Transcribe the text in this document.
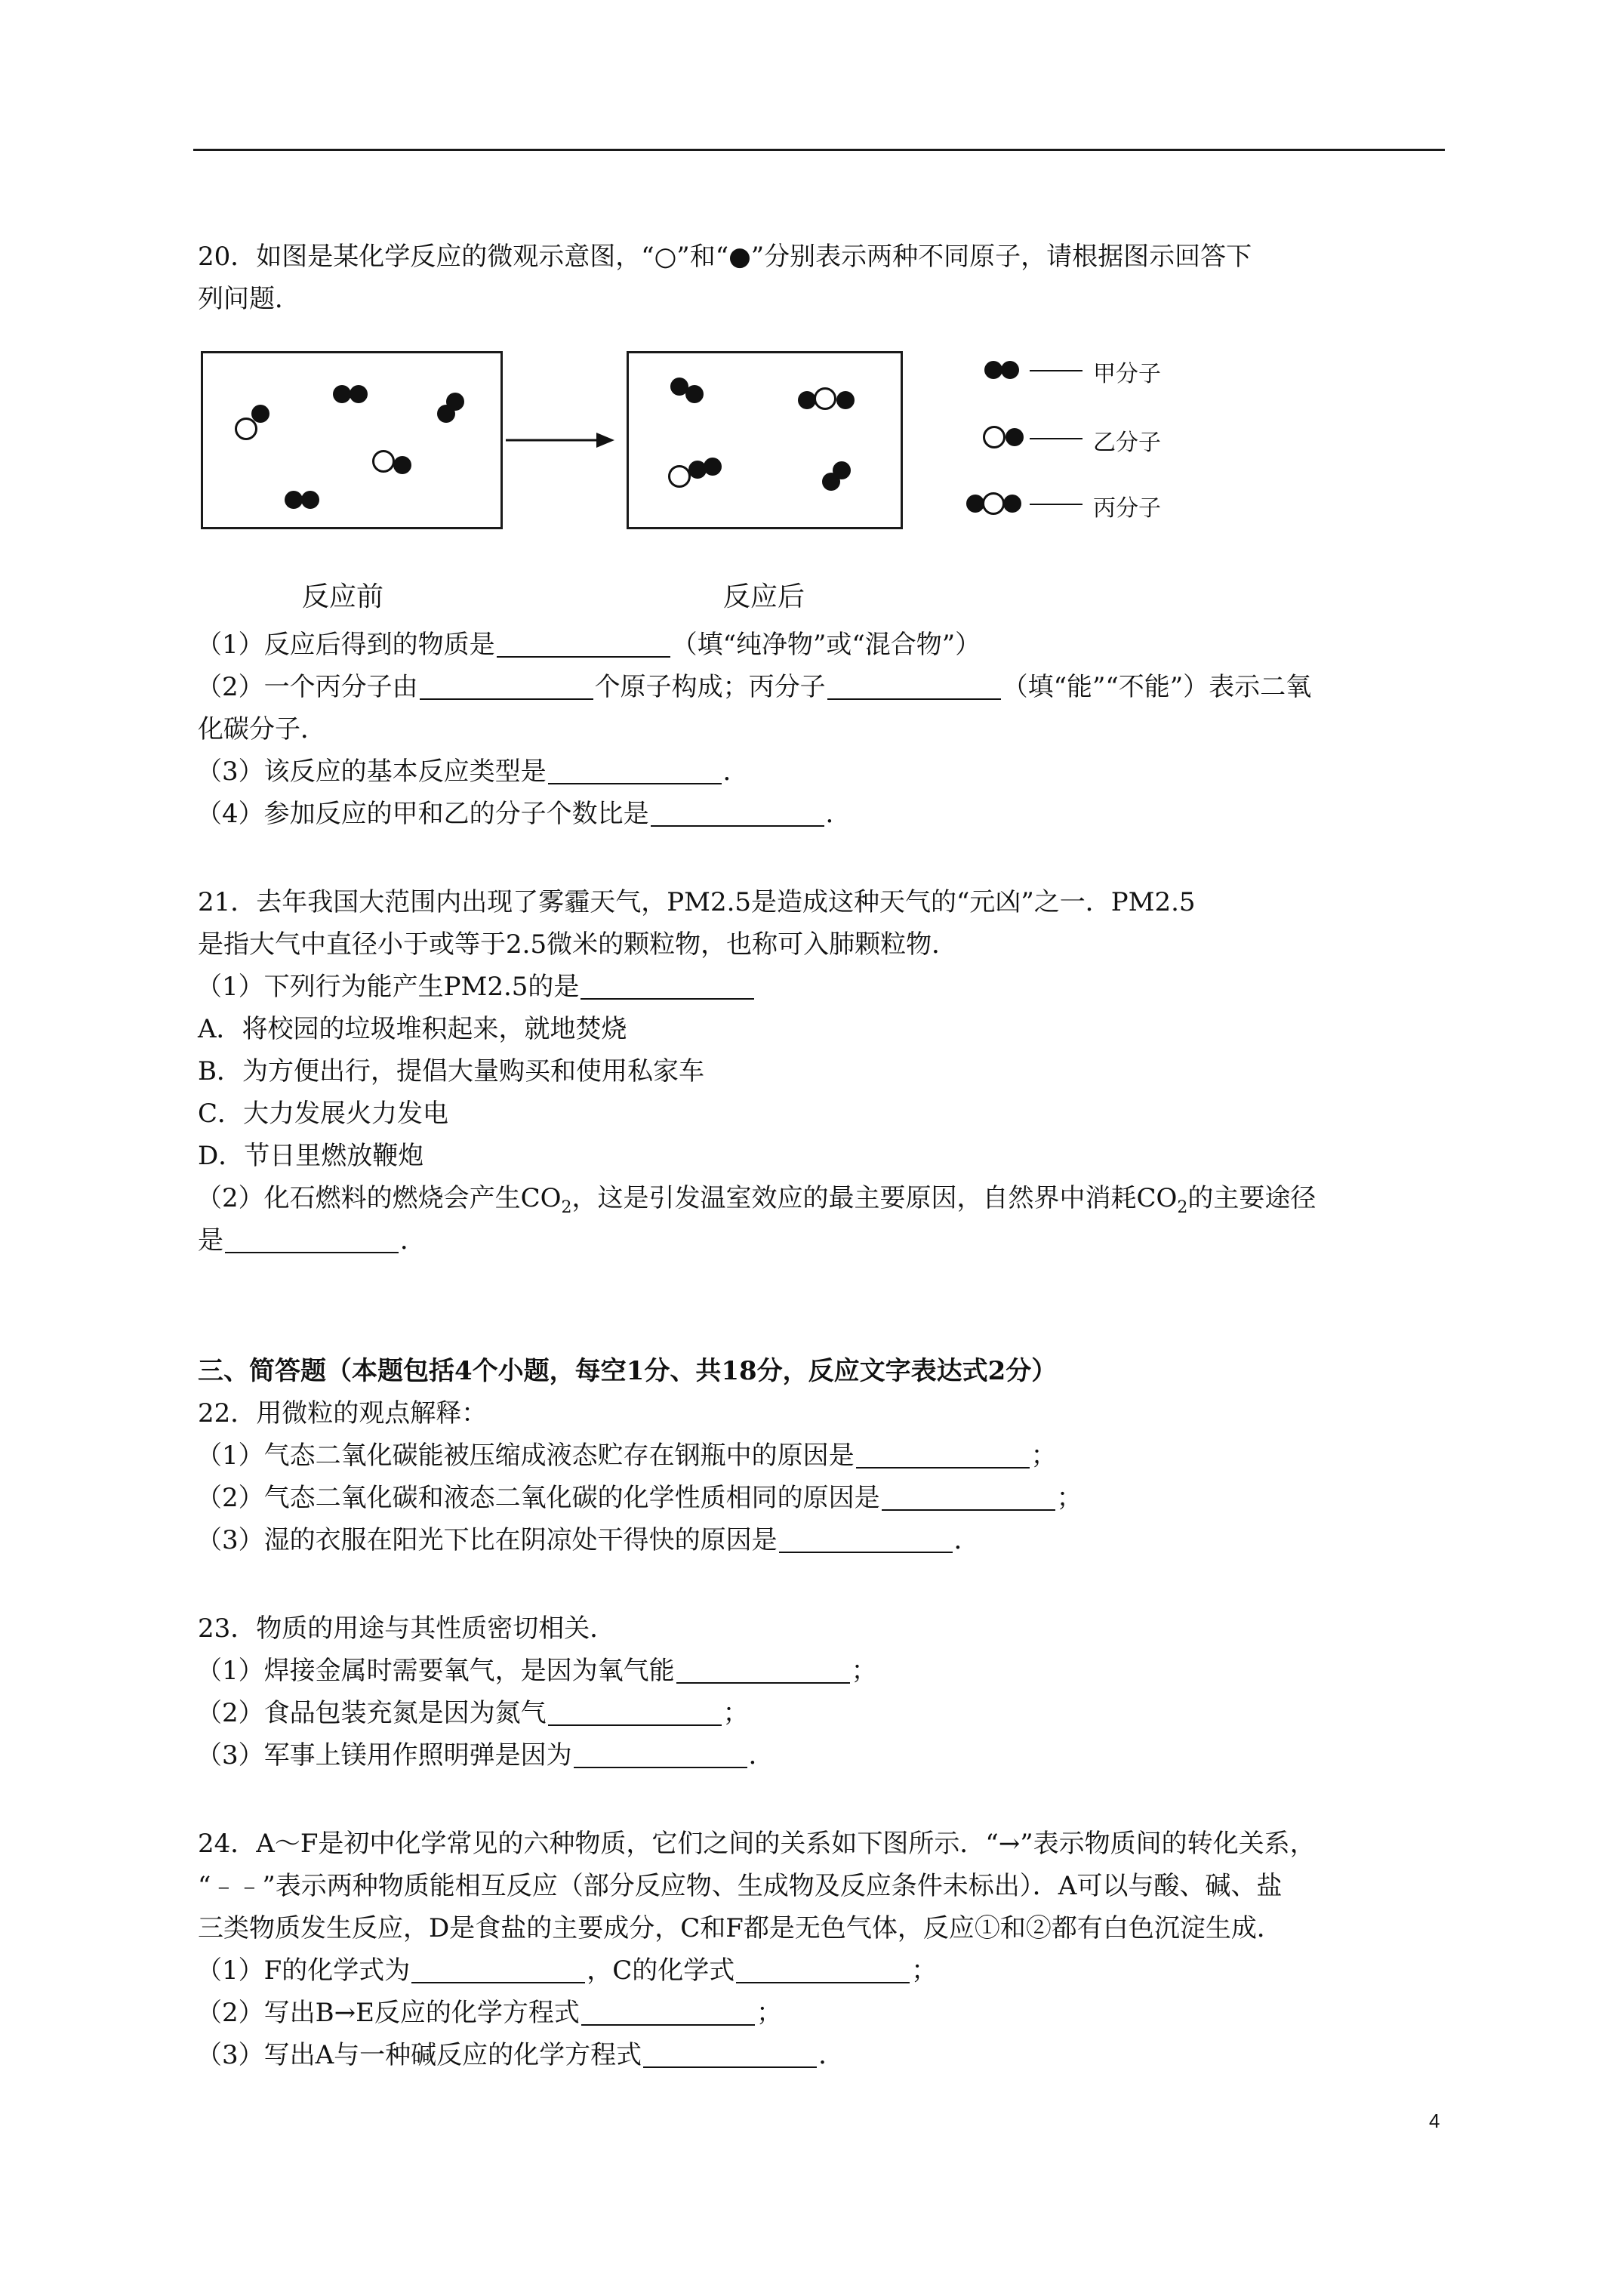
20．如图是某化学反应的微观示意图，“○”和“●”分别表示两种不同原子，请根据图示回答下
列问题．
甲分子
乙分子
丙分子
反应前	反应后
（1）反应后得到的物质是	（填“纯净物”或“混合物”）
（2）一个丙分子由	个原子构成；丙分子	（填“能”“不能”）表示二氧
化碳分子．
（3）该反应的基本反应类型是	．
（4）参加反应的甲和乙的分子个数比是	．
21．去年我国大范围内出现了雾霾天气，PM2.5是造成这种天气的“元凶”之一．PM2.5
是指大气中直径小于或等于2.5微米的颗粒物，也称可入肺颗粒物．
（1）下列行为能产生PM2.5的是
A．将校园的垃圾堆积起来，就地焚烧
B．为方便出行，提倡大量购买和使用私家车
C．大力发展火力发电
D．节日里燃放鞭炮
（2）化石燃料的燃烧会产生$CO_2$，这是引发温室效应的最主要原因，自然界中消耗$CO_2$的主要途径
是	．
三、简答题（本题包括4个小题，每空1分、共18分，反应文字表达式2分）
22．用微粒的观点解释：
（1）气态二氧化碳能被压缩成液态贮存在钢瓶中的原因是	；
（2）气态二氧化碳和液态二氧化碳的化学性质相同的原因是	；
（3）湿的衣服在阳光下比在阴凉处干得快的原因是	．
23．物质的用途与其性质密切相关．
（1）焊接金属时需要氧气，是因为氧气能	；
（2）食品包装充氮是因为氮气	；
（3）军事上镁用作照明弹是因为	．
24．A～F是初中化学常见的六种物质，它们之间的关系如下图所示．“→”表示物质间的转化关系，
“﹣﹣”表示两种物质能相互反应（部分反应物、生成物及反应条件未标出）．A可以与酸、碱、盐
三类物质发生反应，D是食盐的主要成分，C和F都是无色气体，反应①和②都有白色沉淀生成．
（1）F的化学式为	，C的化学式	；
（2）写出B→E反应的化学方程式	；
（3）写出A与一种碱反应的化学方程式	．
4
